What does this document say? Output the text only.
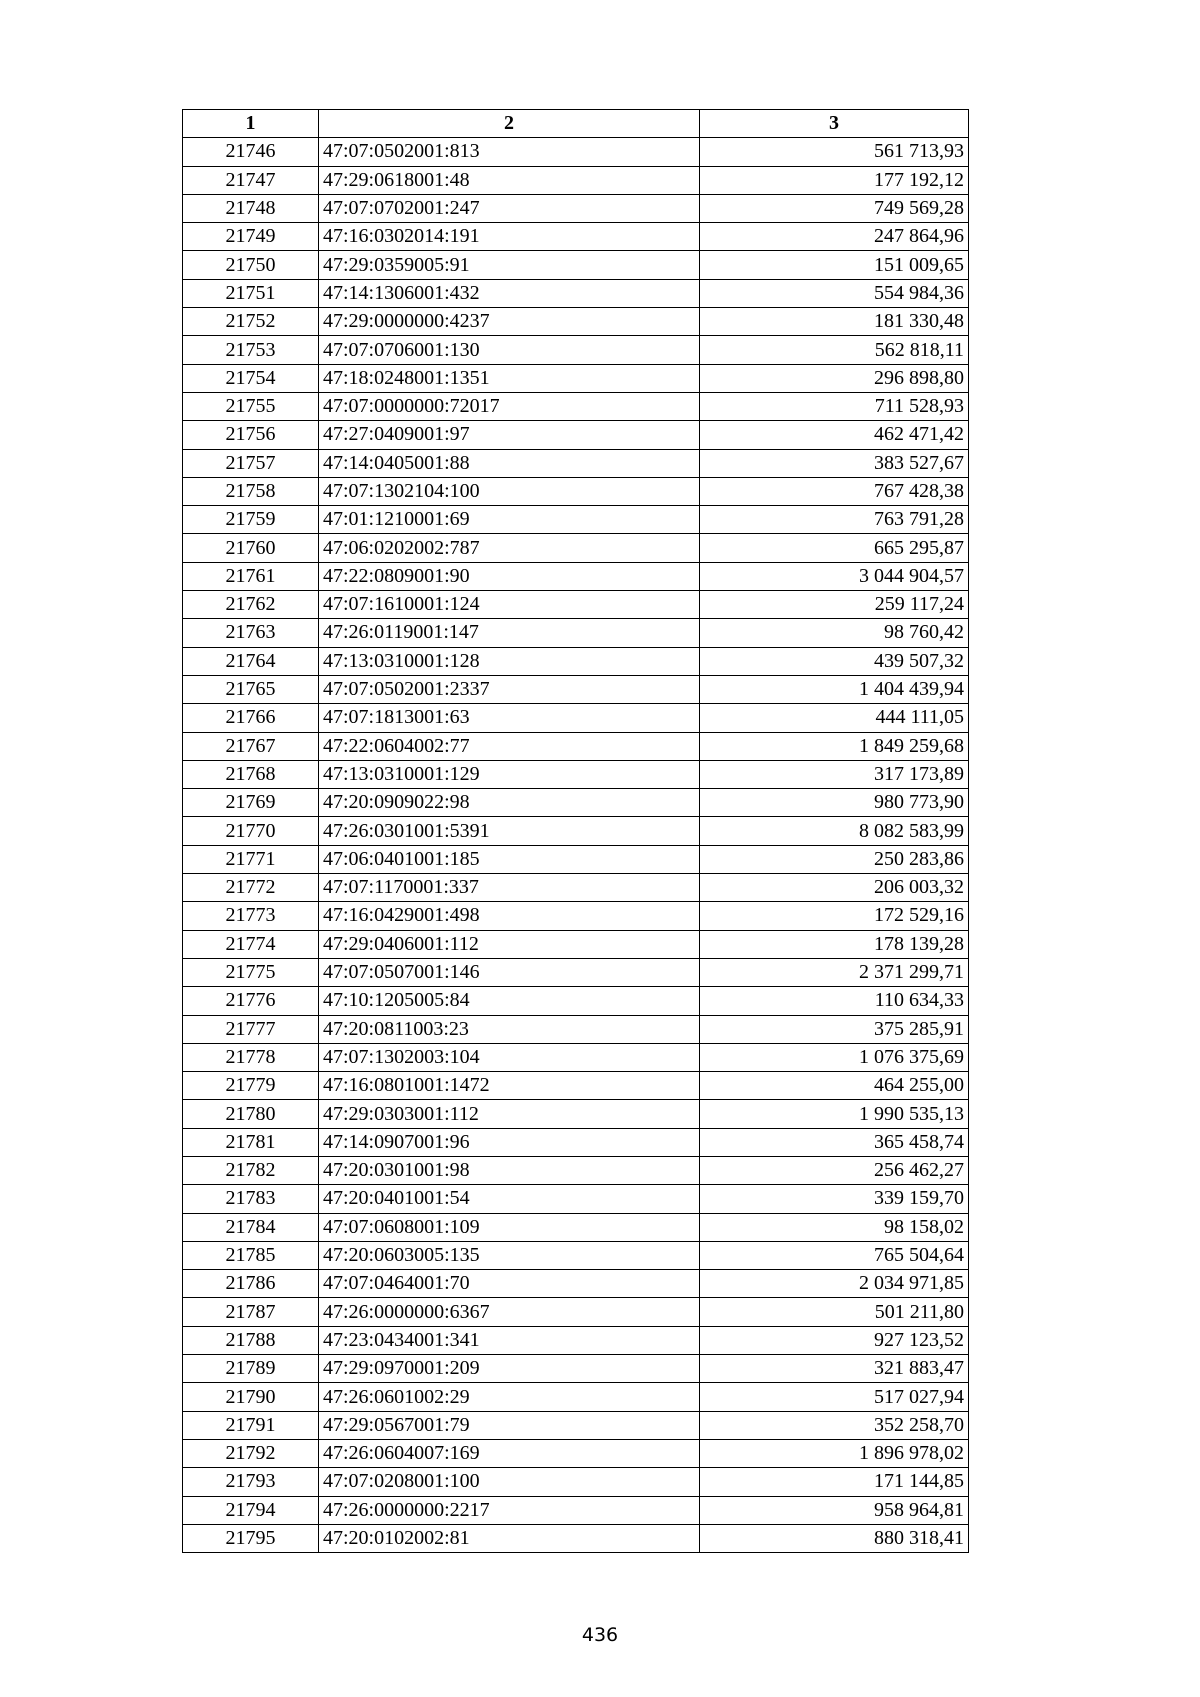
1	2	3
21746	47:07:0502001:813	561 713,93
21747	47:29:0618001:48	177 192,12
21748	47:07:0702001:247	749 569,28
21749	47:16:0302014:191	247 864,96
21750	47:29:0359005:91	151 009,65
21751	47:14:1306001:432	554 984,36
21752	47:29:0000000:4237	181 330,48
21753	47:07:0706001:130	562 818,11
21754	47:18:0248001:1351	296 898,80
21755	47:07:0000000:72017	711 528,93
21756	47:27:0409001:97	462 471,42
21757	47:14:0405001:88	383 527,67
21758	47:07:1302104:100	767 428,38
21759	47:01:1210001:69	763 791,28
21760	47:06:0202002:787	665 295,87
21761	47:22:0809001:90	3 044 904,57
21762	47:07:1610001:124	259 117,24
21763	47:26:0119001:147	98 760,42
21764	47:13:0310001:128	439 507,32
21765	47:07:0502001:2337	1 404 439,94
21766	47:07:1813001:63	444 111,05
21767	47:22:0604002:77	1 849 259,68
21768	47:13:0310001:129	317 173,89
21769	47:20:0909022:98	980 773,90
21770	47:26:0301001:5391	8 082 583,99
21771	47:06:0401001:185	250 283,86
21772	47:07:1170001:337	206 003,32
21773	47:16:0429001:498	172 529,16
21774	47:29:0406001:112	178 139,28
21775	47:07:0507001:146	2 371 299,71
21776	47:10:1205005:84	110 634,33
21777	47:20:0811003:23	375 285,91
21778	47:07:1302003:104	1 076 375,69
21779	47:16:0801001:1472	464 255,00
21780	47:29:0303001:112	1 990 535,13
21781	47:14:0907001:96	365 458,74
21782	47:20:0301001:98	256 462,27
21783	47:20:0401001:54	339 159,70
21784	47:07:0608001:109	98 158,02
21785	47:20:0603005:135	765 504,64
21786	47:07:0464001:70	2 034 971,85
21787	47:26:0000000:6367	501 211,80
21788	47:23:0434001:341	927 123,52
21789	47:29:0970001:209	321 883,47
21790	47:26:0601002:29	517 027,94
21791	47:29:0567001:79	352 258,70
21792	47:26:0604007:169	1 896 978,02
21793	47:07:0208001:100	171 144,85
21794	47:26:0000000:2217	958 964,81
21795	47:20:0102002:81	880 318,41
436
